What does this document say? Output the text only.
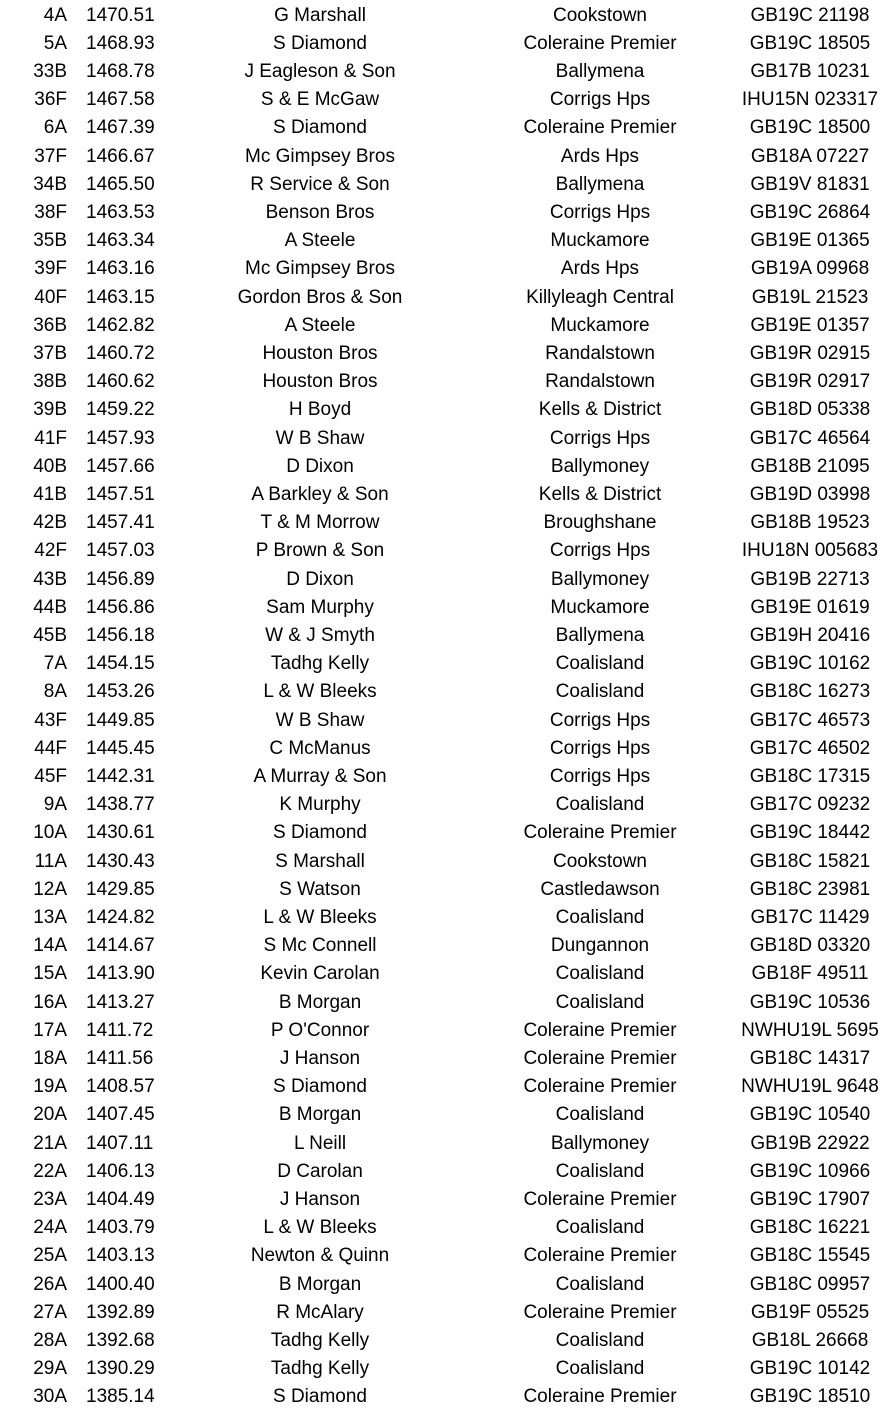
4A 1470.51	G Marshall	Cookstown	GB19C 21198
5A 1468.93	S Diamond	Coleraine Premier	GB19C 18505
33B 1468.78	J Eagleson & Son	Ballymena	GB17B 10231
36F 1467.58	S & E McGaw	Corrigs Hps	IHU15N 023317
6A 1467.39	S Diamond	Coleraine Premier	GB19C 18500
37F 1466.67	Mc Gimpsey Bros	Ards Hps	GB18A 07227
34B 1465.50	R Service & Son	Ballymena	GB19V 81831
38F 1463.53	Benson Bros	Corrigs Hps	GB19C 26864
35B 1463.34	A Steele	Muckamore	GB19E 01365
39F 1463.16	Mc Gimpsey Bros	Ards Hps	GB19A 09968
40F 1463.15	Gordon Bros & Son	Killyleagh Central	GB19L 21523
36B 1462.82	A Steele	Muckamore	GB19E 01357
37B 1460.72	Houston Bros	Randalstown	GB19R 02915
38B 1460.62	Houston Bros	Randalstown	GB19R 02917
39B 1459.22	H Boyd	Kells & District	GB18D 05338
41F 1457.93	W B Shaw	Corrigs Hps	GB17C 46564
40B 1457.66	D Dixon	Ballymoney	GB18B 21095
41B 1457.51	A Barkley & Son	Kells & District	GB19D 03998
42B 1457.41	T & M Morrow	Broughshane	GB18B 19523
42F 1457.03	P Brown & Son	Corrigs Hps	IHU18N 005683
43B 1456.89	D Dixon	Ballymoney	GB19B 22713
44B 1456.86	Sam Murphy	Muckamore	GB19E 01619
45B 1456.18	W & J Smyth	Ballymena	GB19H 20416
7A 1454.15	Tadhg Kelly	Coalisland	GB19C 10162
8A 1453.26	L & W Bleeks	Coalisland	GB18C 16273
43F 1449.85	W B Shaw	Corrigs Hps	GB17C 46573
44F 1445.45	C McManus	Corrigs Hps	GB17C 46502
45F 1442.31	A Murray & Son	Corrigs Hps	GB18C 17315
9A 1438.77	K Murphy	Coalisland	GB17C 09232
10A 1430.61	S Diamond	Coleraine Premier	GB19C 18442
11A 1430.43	S Marshall	Cookstown	GB18C 15821
12A 1429.85	S Watson	Castledawson	GB18C 23981
13A 1424.82	L & W Bleeks	Coalisland	GB17C 11429
14A 1414.67	S Mc Connell	Dungannon	GB18D 03320
15A 1413.90	Kevin Carolan	Coalisland	GB18F 49511
16A 1413.27	B Morgan	Coalisland	GB19C 10536
17A 1411.72	P O'Connor	Coleraine Premier	NWHU19L 5695
18A 1411.56	J Hanson	Coleraine Premier	GB18C 14317
19A 1408.57	S Diamond	Coleraine Premier	NWHU19L 9648
20A 1407.45	B Morgan	Coalisland	GB19C 10540
21A 1407.11	L Neill	Ballymoney	GB19B 22922
22A 1406.13	D Carolan	Coalisland	GB19C 10966
23A 1404.49	J Hanson	Coleraine Premier	GB19C 17907
24A 1403.79	L & W Bleeks	Coalisland	GB18C 16221
25A 1403.13	Newton & Quinn	Coleraine Premier	GB18C 15545
26A 1400.40	B Morgan	Coalisland	GB18C 09957
27A 1392.89	R McAlary	Coleraine Premier	GB19F 05525
28A 1392.68	Tadhg Kelly	Coalisland	GB18L 26668
29A 1390.29	Tadhg Kelly	Coalisland	GB19C 10142
30A 1385.14	S Diamond	Coleraine Premier	GB19C 18510
